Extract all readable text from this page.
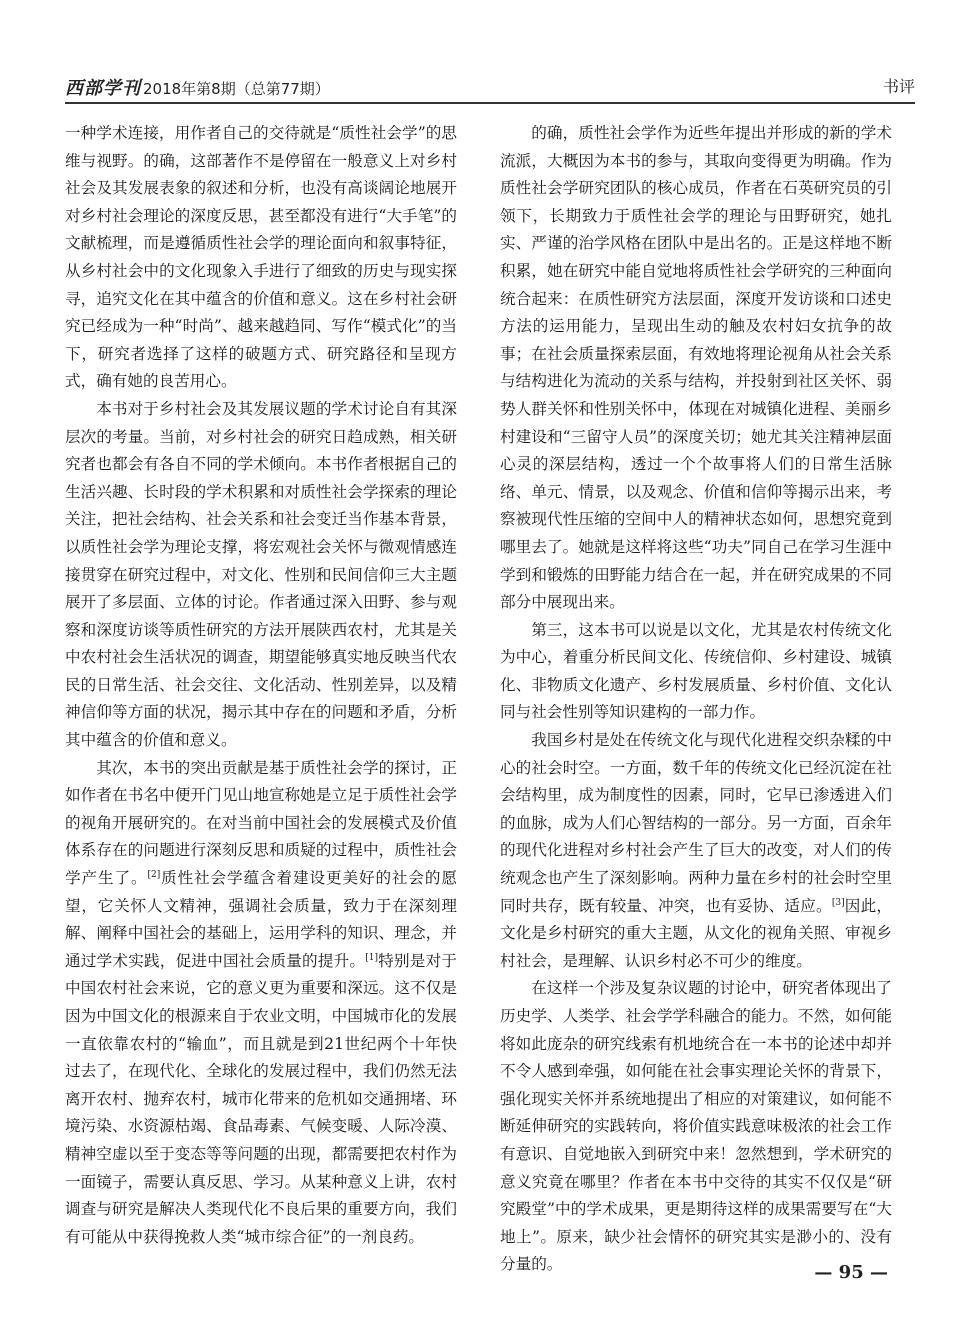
西部学刊 2018年第8期（总第77期）	书评

一种学术连接，用作者自己的交待就是“质性社会学”的思维与视野。的确，这部著作不是停留在一般意义上对乡村社会及其发展表象的叙述和分析，也没有高谈阔论地展开对乡村社会理论的深度反思，甚至都没有进行“大手笔”的文献梳理，而是遵循质性社会学的理论面向和叙事特征，从乡村社会中的文化现象入手进行了细致的历史与现实探寻，追究文化在其中蕴含的价值和意义。这在乡村社会研究已经成为一种“时尚”、越来越趋同、写作“模式化”的当下，研究者选择了这样的破题方式、研究路径和呈现方式，确有她的良苦用心。

本书对于乡村社会及其发展议题的学术讨论自有其深层次的考量。当前，对乡村社会的研究日趋成熟，相关研究者也都会有各自不同的学术倾向。本书作者根据自己的生活兴趣、长时段的学术积累和对质性社会学探索的理论关注，把社会结构、社会关系和社会变迁当作基本背景，以质性社会学为理论支撑，将宏观社会关怀与微观情感连接贯穿在研究过程中，对文化、性别和民间信仰三大主题展开了多层面、立体的讨论。作者通过深入田野、参与观察和深度访谈等质性研究的方法开展陕西农村，尤其是关中农村社会生活状况的调查，期望能够真实地反映当代农民的日常生活、社会交往、文化活动、性别差异，以及精神信仰等方面的状况，揭示其中存在的问题和矛盾，分析其中蕴含的价值和意义。

其次，本书的突出贡献是基于质性社会学的探讨，正如作者在书名中便开门见山地宣称她是立足于质性社会学的视角开展研究的。在对当前中国社会的发展模式及价值体系存在的问题进行深刻反思和质疑的过程中，质性社会学产生了。[2]质性社会学蕴含着建设更美好的社会的愿望，它关怀人文精神，强调社会质量，致力于在深刻理解、阐释中国社会的基础上，运用学科的知识、理念，并通过学术实践，促进中国社会质量的提升。[1]特别是对于中国农村社会来说，它的意义更为重要和深远。这不仅是因为中国文化的根源来自于农业文明，中国城市化的发展一直依靠农村的“输血”，而且就是到21世纪两个十年快过去了，在现代化、全球化的发展过程中，我们仍然无法离开农村、抛弃农村，城市化带来的危机如交通拥堵、环境污染、水资源枯竭、食品毒素、气候变暖、人际冷漠、精神空虚以至于变态等等问题的出现，都需要把农村作为一面镜子，需要认真反思、学习。从某种意义上讲，农村调查与研究是解决人类现代化不良后果的重要方向，我们有可能从中获得挽救人类“城市综合征”的一剂良药。

的确，质性社会学作为近些年提出并形成的新的学术流派，大概因为本书的参与，其取向变得更为明确。作为质性社会学研究团队的核心成员，作者在石英研究员的引领下，长期致力于质性社会学的理论与田野研究，她扎实、严谨的治学风格在团队中是出名的。正是这样地不断积累，她在研究中能自觉地将质性社会学研究的三种面向统合起来：在质性研究方法层面，深度开发访谈和口述史方法的运用能力，呈现出生动的触及农村妇女抗争的故事；在社会质量探索层面，有效地将理论视角从社会关系与结构进化为流动的关系与结构，并投射到社区关怀、弱势人群关怀和性别关怀中，体现在对城镇化进程、美丽乡村建设和“三留守人员”的深度关切；她尤其关注精神层面心灵的深层结构，透过一个个故事将人们的日常生活脉络、单元、情景，以及观念、价值和信仰等揭示出来，考察被现代性压缩的空间中人的精神状态如何，思想究竟到哪里去了。她就是这样将这些“功夫”同自己在学习生涯中学到和锻炼的田野能力结合在一起，并在研究成果的不同部分中展现出来。

第三，这本书可以说是以文化，尤其是农村传统文化为中心，着重分析民间文化、传统信仰、乡村建设、城镇化、非物质文化遗产、乡村发展质量、乡村价值、文化认同与社会性别等知识建构的一部力作。

我国乡村是处在传统文化与现代化进程交织杂糅的中心的社会时空。一方面，数千年的传统文化已经沉淀在社会结构里，成为制度性的因素，同时，它早已渗透进入们的血脉，成为人们心智结构的一部分。另一方面，百余年的现代化进程对乡村社会产生了巨大的改变，对人们的传统观念也产生了深刻影响。两种力量在乡村的社会时空里同时共存，既有较量、冲突，也有妥协、适应。[3]因此，文化是乡村研究的重大主题，从文化的视角关照、审视乡村社会，是理解、认识乡村必不可少的维度。

在这样一个涉及复杂议题的讨论中，研究者体现出了历史学、人类学、社会学学科融合的能力。不然，如何能将如此庞杂的研究线索有机地统合在一本书的论述中却并不令人感到牵强，如何能在社会事实理论关怀的背景下，强化现实关怀并系统地提出了相应的对策建议，如何能不断延伸研究的实践转向，将价值实践意味极浓的社会工作有意识、自觉地嵌入到研究中来！忽然想到，学术研究的意义究竟在哪里？作者在本书中交待的其实不仅仅是“研究殿堂”中的学术成果，更是期待这样的成果需要写在“大地上”。原来，缺少社会情怀的研究其实是渺小的、没有分量的。	— 95 —
